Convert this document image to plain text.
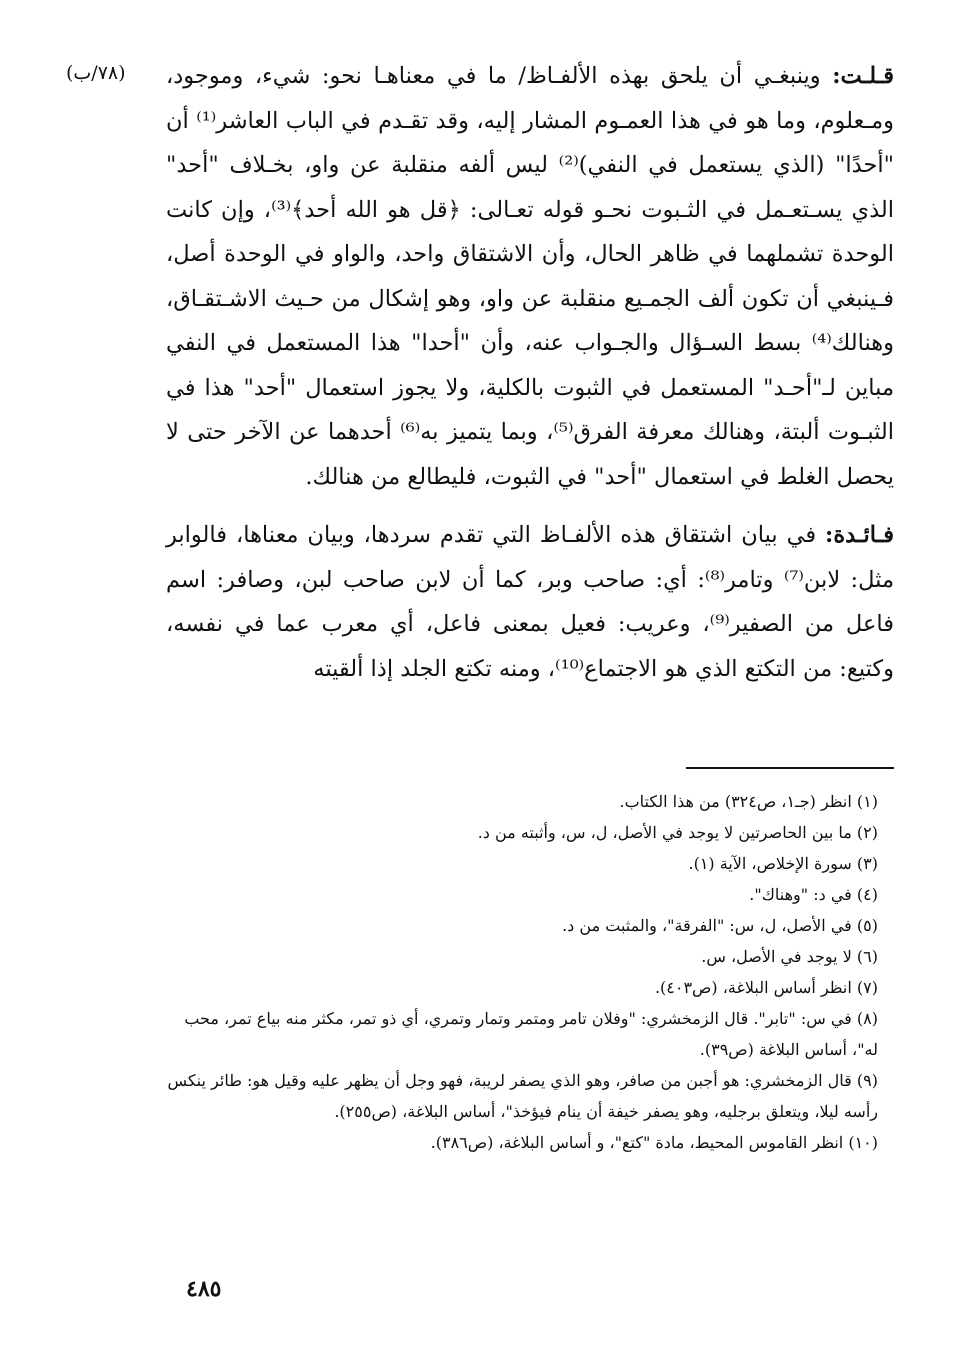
(٧٨/ب)	قـلـت: وينبغـي أن يلحق بهذه الألفـاظ/ ما في معناهـا نحو: شيء، وموجود، ومـعلوم، وما هو في هذا العمـوم المشار إليه، وقد تقـدم في الباب العاشر⁽¹⁾ أن "أحدًا" (الذي يستعمل في النفي)⁽²⁾ ليس ألفه منقلبة عن واو، بخـلاف "أحد" الذي يسـتعـمل في الثـبوت نحـو قوله تعـالى: ﴿قل هو الله أحد﴾⁽³⁾، وإن كانت الوحدة تشملهما في ظاهر الحال، وأن الاشتقاق واحد، والواو في الوحدة أصل، فـينبغي أن تكون ألف الجمـيع منقلبة عن واو، وهو إشكال من حـيث الاشـتقـاق، وهنالك⁽⁴⁾ بسط السـؤال والجـواب عنه، وأن "أحدا" هذا المستعمل في النفي مباين لـ"أحـد" المستعمل في الثبوت بالكلية، ولا يجوز استعمال "أحد" هذا في الثبـوت ألبتة، وهنالك معرفة الفرق⁽⁵⁾، وبما يتميز به⁽⁶⁾ أحدهما عن الآخر حتى لا يحصل الغلط في استعمال "أحد" في الثبوت، فليطالع من هنالك.

فـائـدة: في بيان اشتقاق هذه الألفـاظ التي تقدم سردها، وبيان معناها، فالوابر مثل: لابن⁽⁷⁾ وتامر⁽⁸⁾: أي: صاحب وبر، كما أن لابن صاحب لبن، وصافر: اسم فاعل من الصفير⁽⁹⁾، وعريب: فعيل بمعنى فاعل، أي معرب عما في نفسه، وكتيع: من التكتع الذي هو الاجتماع⁽¹⁰⁾، ومنه تكتع الجلد إذا ألقيته

(١) انظر (جـ١، ص٣٢٤) من هذا الكتاب.
(٢) ما بين الحاصرتين لا يوجد في الأصل، ل، س، وأثبته من د.
(٣) سورة الإخلاص، الآية (١).
(٤) في د: "وهناك".
(٥) في الأصل، ل، س: "الفرقة"، والمثبت من د.
(٦) لا يوجد في الأصل، س.
(٧) انظر أساس البلاغة، (ص٤٠٣).
(٨) في س: "تابر". قال الزمخشري: "وفلان تامر ومتمر وتمار وتمري، أي ذو تمر، مكثر منه بياع تمر، محب له"، أساس البلاغة (ص٣٩).
(٩) قال الزمخشري: هو أجبن من صافر، وهو الذي يصفر لريبة، فهو وجل أن يظهر عليه وقيل هو: طائر ينكس رأسه ليلا، ويتعلق برجليه، وهو يصفر خيفة أن ينام فيؤخذ"، أساس البلاغة، (ص٢٥٥).
(١٠) انظر القاموس المحيط، مادة "كتع"، و أساس البلاغة، (ص٣٨٦).
٤٨٥
